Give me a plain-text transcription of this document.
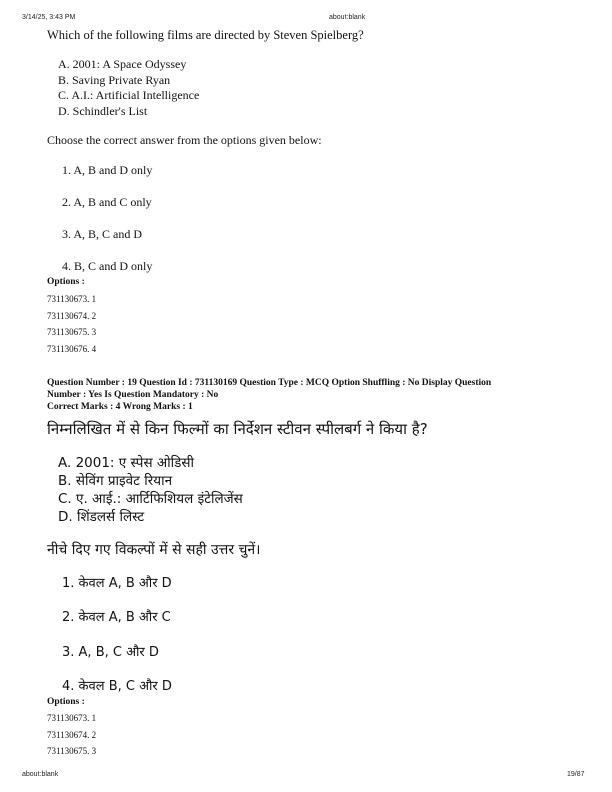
3/14/25, 3:43 PM	about:blank
about:blank	19/87
Which of the following films are directed by Steven Spielberg?
A. 2001: A Space Odyssey
B. Saving Private Ryan
C. A.I.: Artificial Intelligence
D. Schindler's List
Choose the correct answer from the options given below:
1. A, B and D only
2. A, B and C only
3. A, B, C and D
4. B, C and D only
Options :
731130673. 1
731130674. 2
731130675. 3
731130676. 4
Question Number : 19 Question Id : 731130169 Question Type : MCQ Option Shuffling : No Display Question
Number : Yes Is Question Mandatory : No
Correct Marks : 4 Wrong Marks : 1
निम्नलिखित में से किन फिल्मों का निर्देशन स्टीवन स्पीलबर्ग ने किया है?
A. 2001: ए स्पेस ओडिसी
B. सेविंग प्राइवेट रियान
C. ए. आई.: आर्टिफिशियल इंटेलिजेंस
D. शिंडलर्स लिस्ट
नीचे दिए गए विकल्पों में से सही उत्तर चुनें।
1. केवल A, B और D
2. केवल A, B और C
3. A, B, C और D
4. केवल B, C और D
Options :
731130673. 1
731130674. 2
731130675. 3
